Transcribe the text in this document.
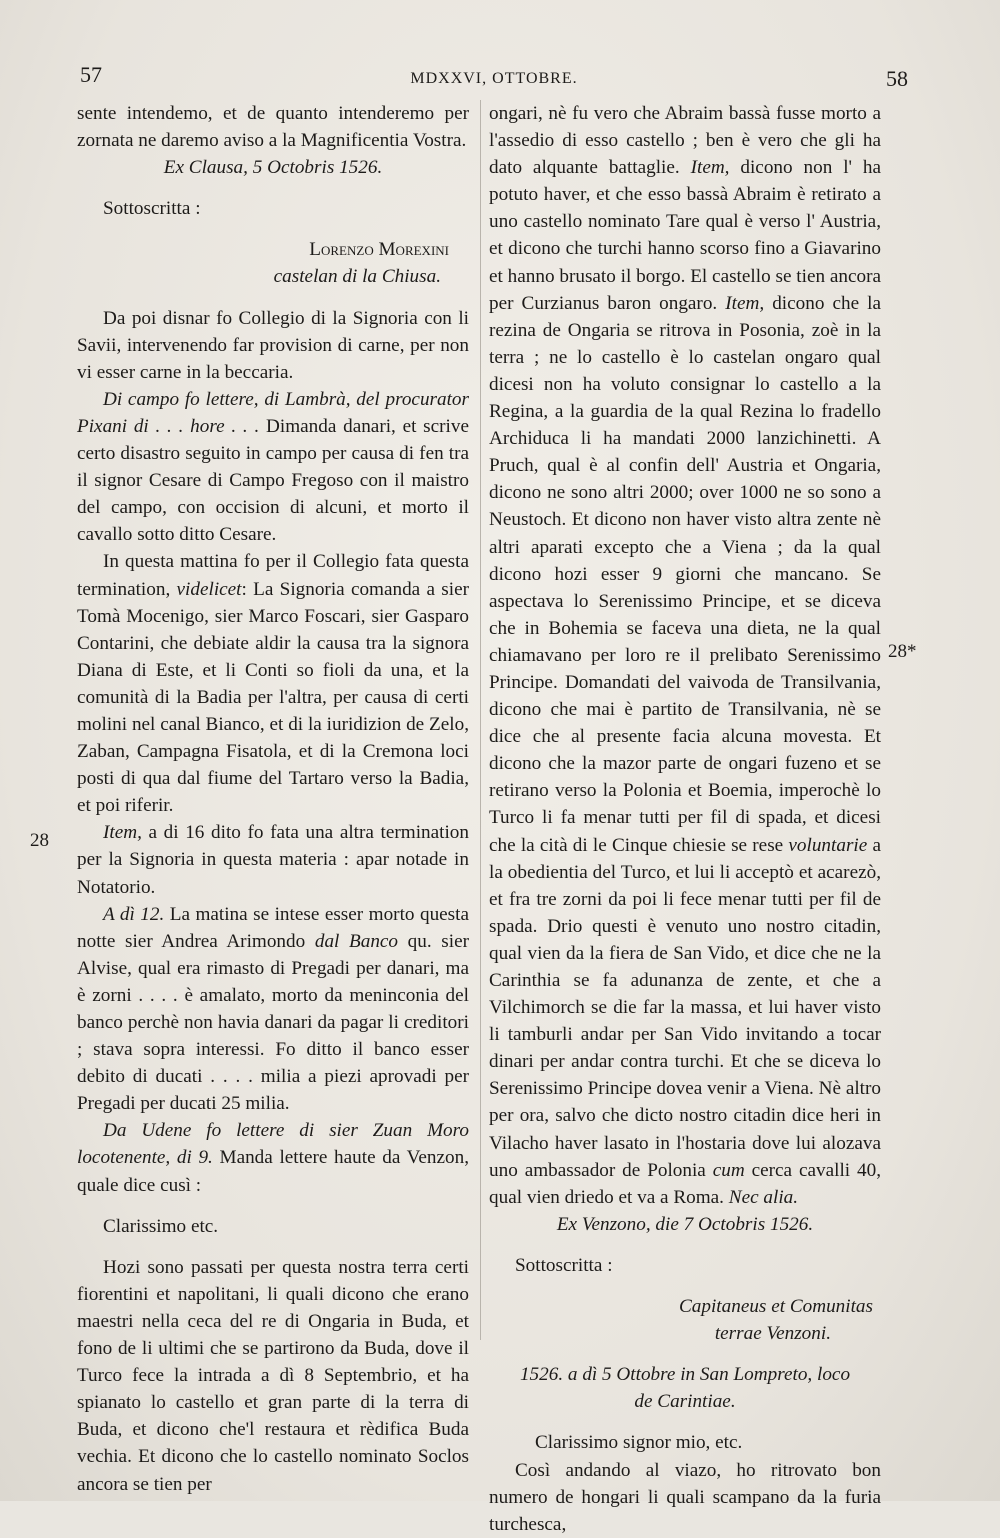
57	MDXXVI, OTTOBRE.	58
28
28*

sente intendemo, et de quanto intenderemo per zornata ne daremo aviso a la Magnificentia Vostra.

Ex Clausa, 5 Octobris 1526.

Sottoscritta :

Lorenzo Morexini

castelan di la Chiusa.

Da poi disnar fo Collegio di la Signoria con li Savii, intervenendo far provision di carne, per non vi esser carne in la beccaria.

Di campo fo lettere, di Lambrà, del procurator Pixani di . . . hore . . . Dimanda danari, et scrive certo disastro seguito in campo per causa di fen tra il signor Cesare di Campo Fregoso con il maistro del campo, con occision di alcuni, et morto il cavallo sotto ditto Cesare.

In questa mattina fo per il Collegio fata questa termination, videlicet: La Signoria comanda a sier Tomà Mocenigo, sier Marco Foscari, sier Gasparo Contarini, che debiate aldir la causa tra la signora Diana di Este, et li Conti so fioli da una, et la comunità di la Badia per l'altra, per causa di certi molini nel canal Bianco, et di la iuridizion de Zelo, Zaban, Campagna Fisatola, et di la Cremona loci posti di qua dal fiume del Tartaro verso la Badia, et poi riferir.

Item, a di 16 dito fo fata una altra termination per la Signoria in questa materia : apar notade in Notatorio.

A dì 12. La matina se intese esser morto questa notte sier Andrea Arimondo dal Banco qu. sier Alvise, qual era rimasto di Pregadi per danari, ma è zorni . . . . è amalato, morto da meninconia del banco perchè non havia danari da pagar li creditori ; stava sopra interessi. Fo ditto il banco esser debito di ducati . . . . milia a piezi aprovadi per Pregadi per ducati 25 milia.

Da Udene fo lettere di sier Zuan Moro locotenente, di 9. Manda lettere haute da Venzon, quale dice cusì :

Clarissimo etc.

Hozi sono passati per questa nostra terra certi fiorentini et napolitani, li quali dicono che erano maestri nella ceca del re di Ongaria in Buda, et fono de li ultimi che se partirono da Buda, dove il Turco fece la intrada a dì 8 Septembrio, et ha spianato lo castello et gran parte di la terra di Buda, et dicono che'l restaura et rèdifica Buda vechia. Et dicono che lo castello nominato Soclos ancora se tien per

ongari, nè fu vero che Abraim bassà fusse morto a l'assedio di esso castello ; ben è vero che gli ha dato alquante battaglie. Item, dicono non l' ha potuto haver, et che esso bassà Abraim è retirato a uno castello nominato Tare qual è verso l' Austria, et dicono che turchi hanno scorso fino a Giavarino et hanno brusato il borgo. El castello se tien ancora per Curzianus baron ongaro. Item, dicono che la rezina de Ongaria se ritrova in Posonia, zoè in la terra ; ne lo castello è lo castelan ongaro qual dicesi non ha voluto consignar lo castello a la Regina, a la guardia de la qual Rezina lo fradello Archiduca li ha mandati 2000 lanzichinetti. A Pruch, qual è al confin dell' Austria et Ongaria, dicono ne sono altri 2000; over 1000 ne so sono a Neustoch. Et dicono non haver visto altra zente nè altri aparati excepto che a Viena ; da la qual dicono hozi esser 9 giorni che mancano. Se aspectava lo Serenissimo Principe, et se diceva che in Bohemia se faceva una dieta, ne la qual chiamavano per loro re il prelibato Serenissimo Principe. Domandati del vaivoda de Transilvania, dicono che mai è partito de Transilvania, nè se dice che al presente facia alcuna movesta. Et dicono che la mazor parte de ongari fuzeno et se retirano verso la Polonia et Boemia, imperochè lo Turco li fa menar tutti per fil di spada, et dicesi che la cità di le Cinque chiesie se rese voluntarie a la obedientia del Turco, et lui li acceptò et acarezò, et fra tre zorni da poi li fece menar tutti per fil de spada. Drio questi è venuto uno nostro citadin, qual vien da la fiera de San Vido, et dice che ne la Carinthia se fa adunanza de zente, et che a Vilchimorch se die far la massa, et lui haver visto li tamburli andar per San Vido invitando a tocar dinari per andar contra turchi. Et che se diceva lo Serenissimo Principe dovea venir a Viena. Nè altro per ora, salvo che dicto nostro citadin dice heri in Vilacho haver lasato in l'hostaria dove lui alozava uno ambassador de Polonia cum cerca cavalli 40, qual vien driedo et va a Roma. Nec alia.

Ex Venzono, die 7 Octobris 1526.

Sottoscritta :

Capitaneus et Comunitas

terrae Venzoni.

1526. a dì 5 Ottobre in San Lompreto, loco

de Carintiae.

Clarissimo signor mio, etc.

Così andando al viazo, ho ritrovato bon numero de hongari li quali scampano da la furia turchesca,
